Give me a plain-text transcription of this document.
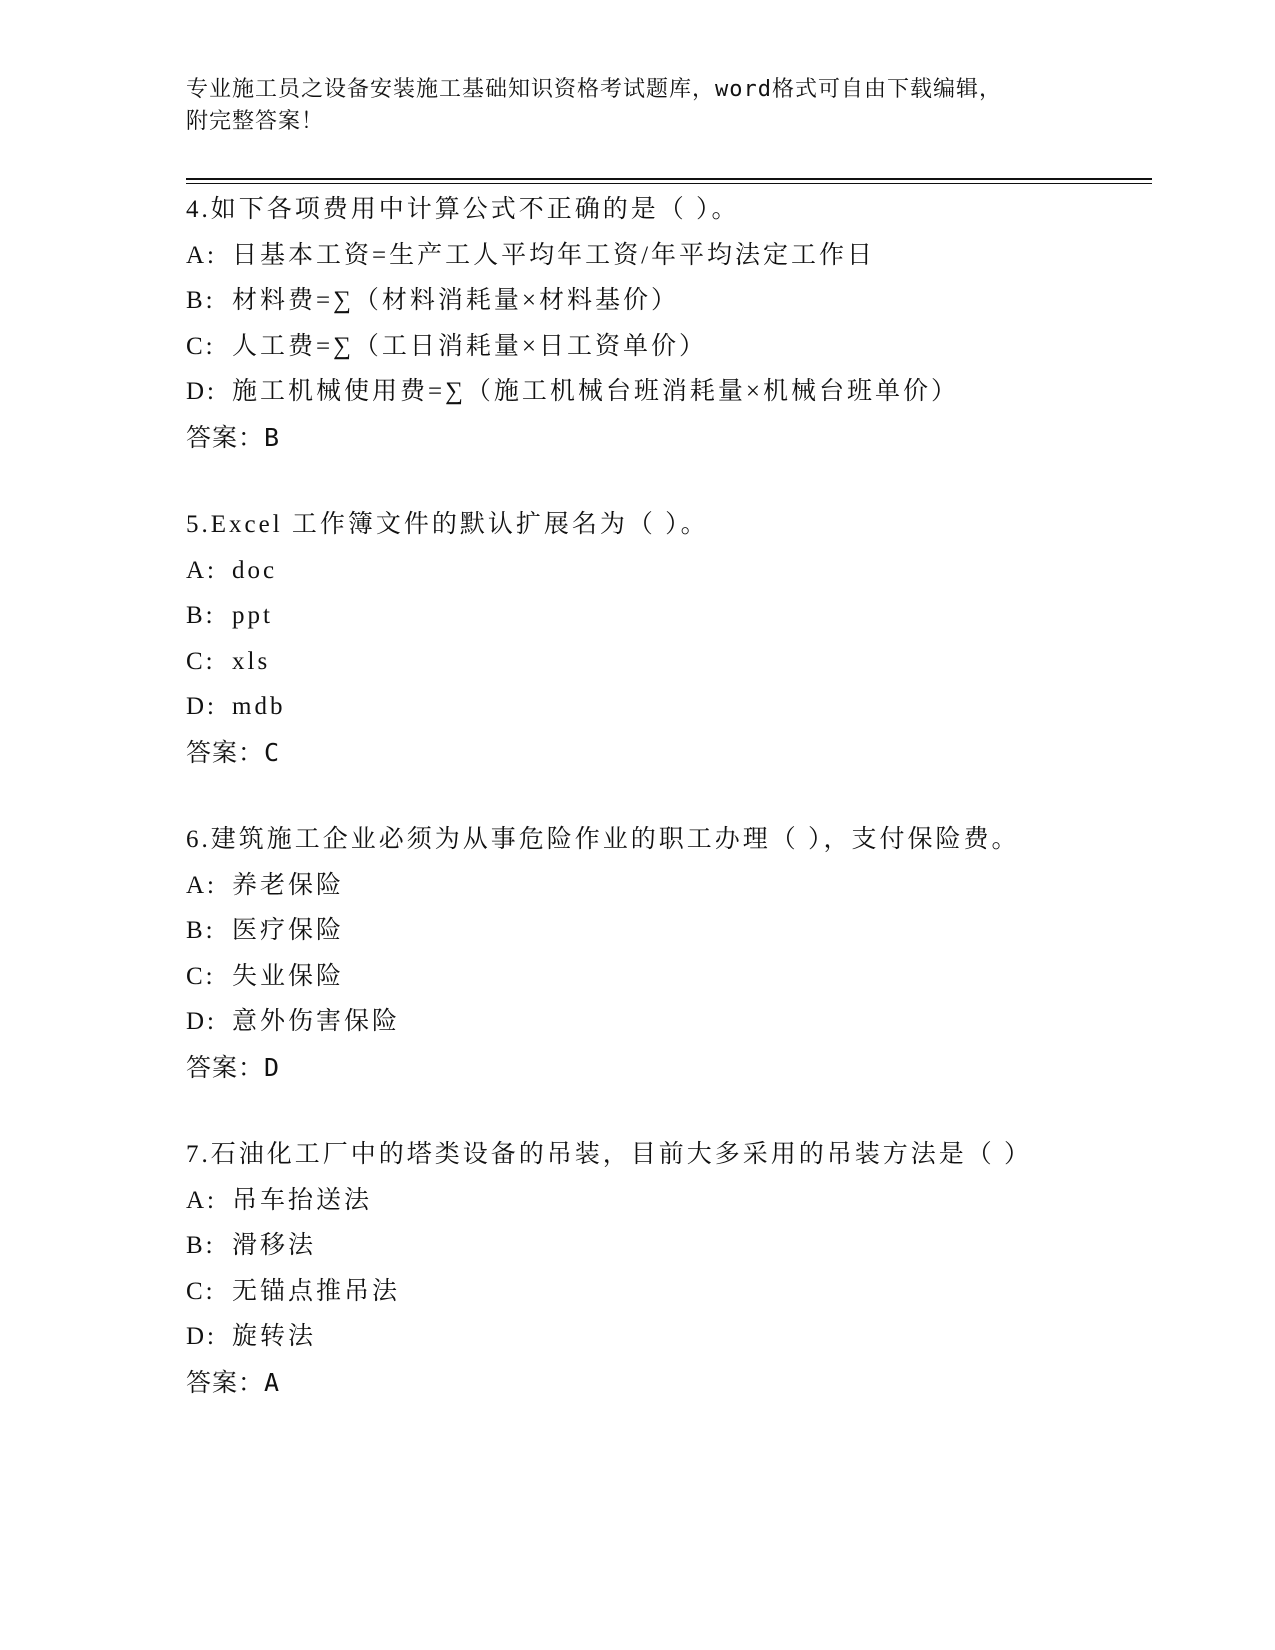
专业施工员之设备安装施工基础知识资格考试题库，word格式可自由下载编辑，
附完整答案！
4.如下各项费用中计算公式不正确的是（ ）。
A: 日基本工资=生产工人平均年工资/年平均法定工作日
B: 材料费=∑（材料消耗量×材料基价）
C: 人工费=∑（工日消耗量×日工资单价）
D: 施工机械使用费=∑（施工机械台班消耗量×机械台班单价）
答案：B
5.Excel 工作簿文件的默认扩展名为（ ）。
A: doc
B: ppt
C: xls
D: mdb
答案：C
6.建筑施工企业必须为从事危险作业的职工办理（ ），支付保险费。
A: 养老保险
B: 医疗保险
C: 失业保险
D: 意外伤害保险
答案：D
7.石油化工厂中的塔类设备的吊装，目前大多采用的吊装方法是（ ）
A: 吊车抬送法
B: 滑移法
C: 无锚点推吊法
D: 旋转法
答案：A
